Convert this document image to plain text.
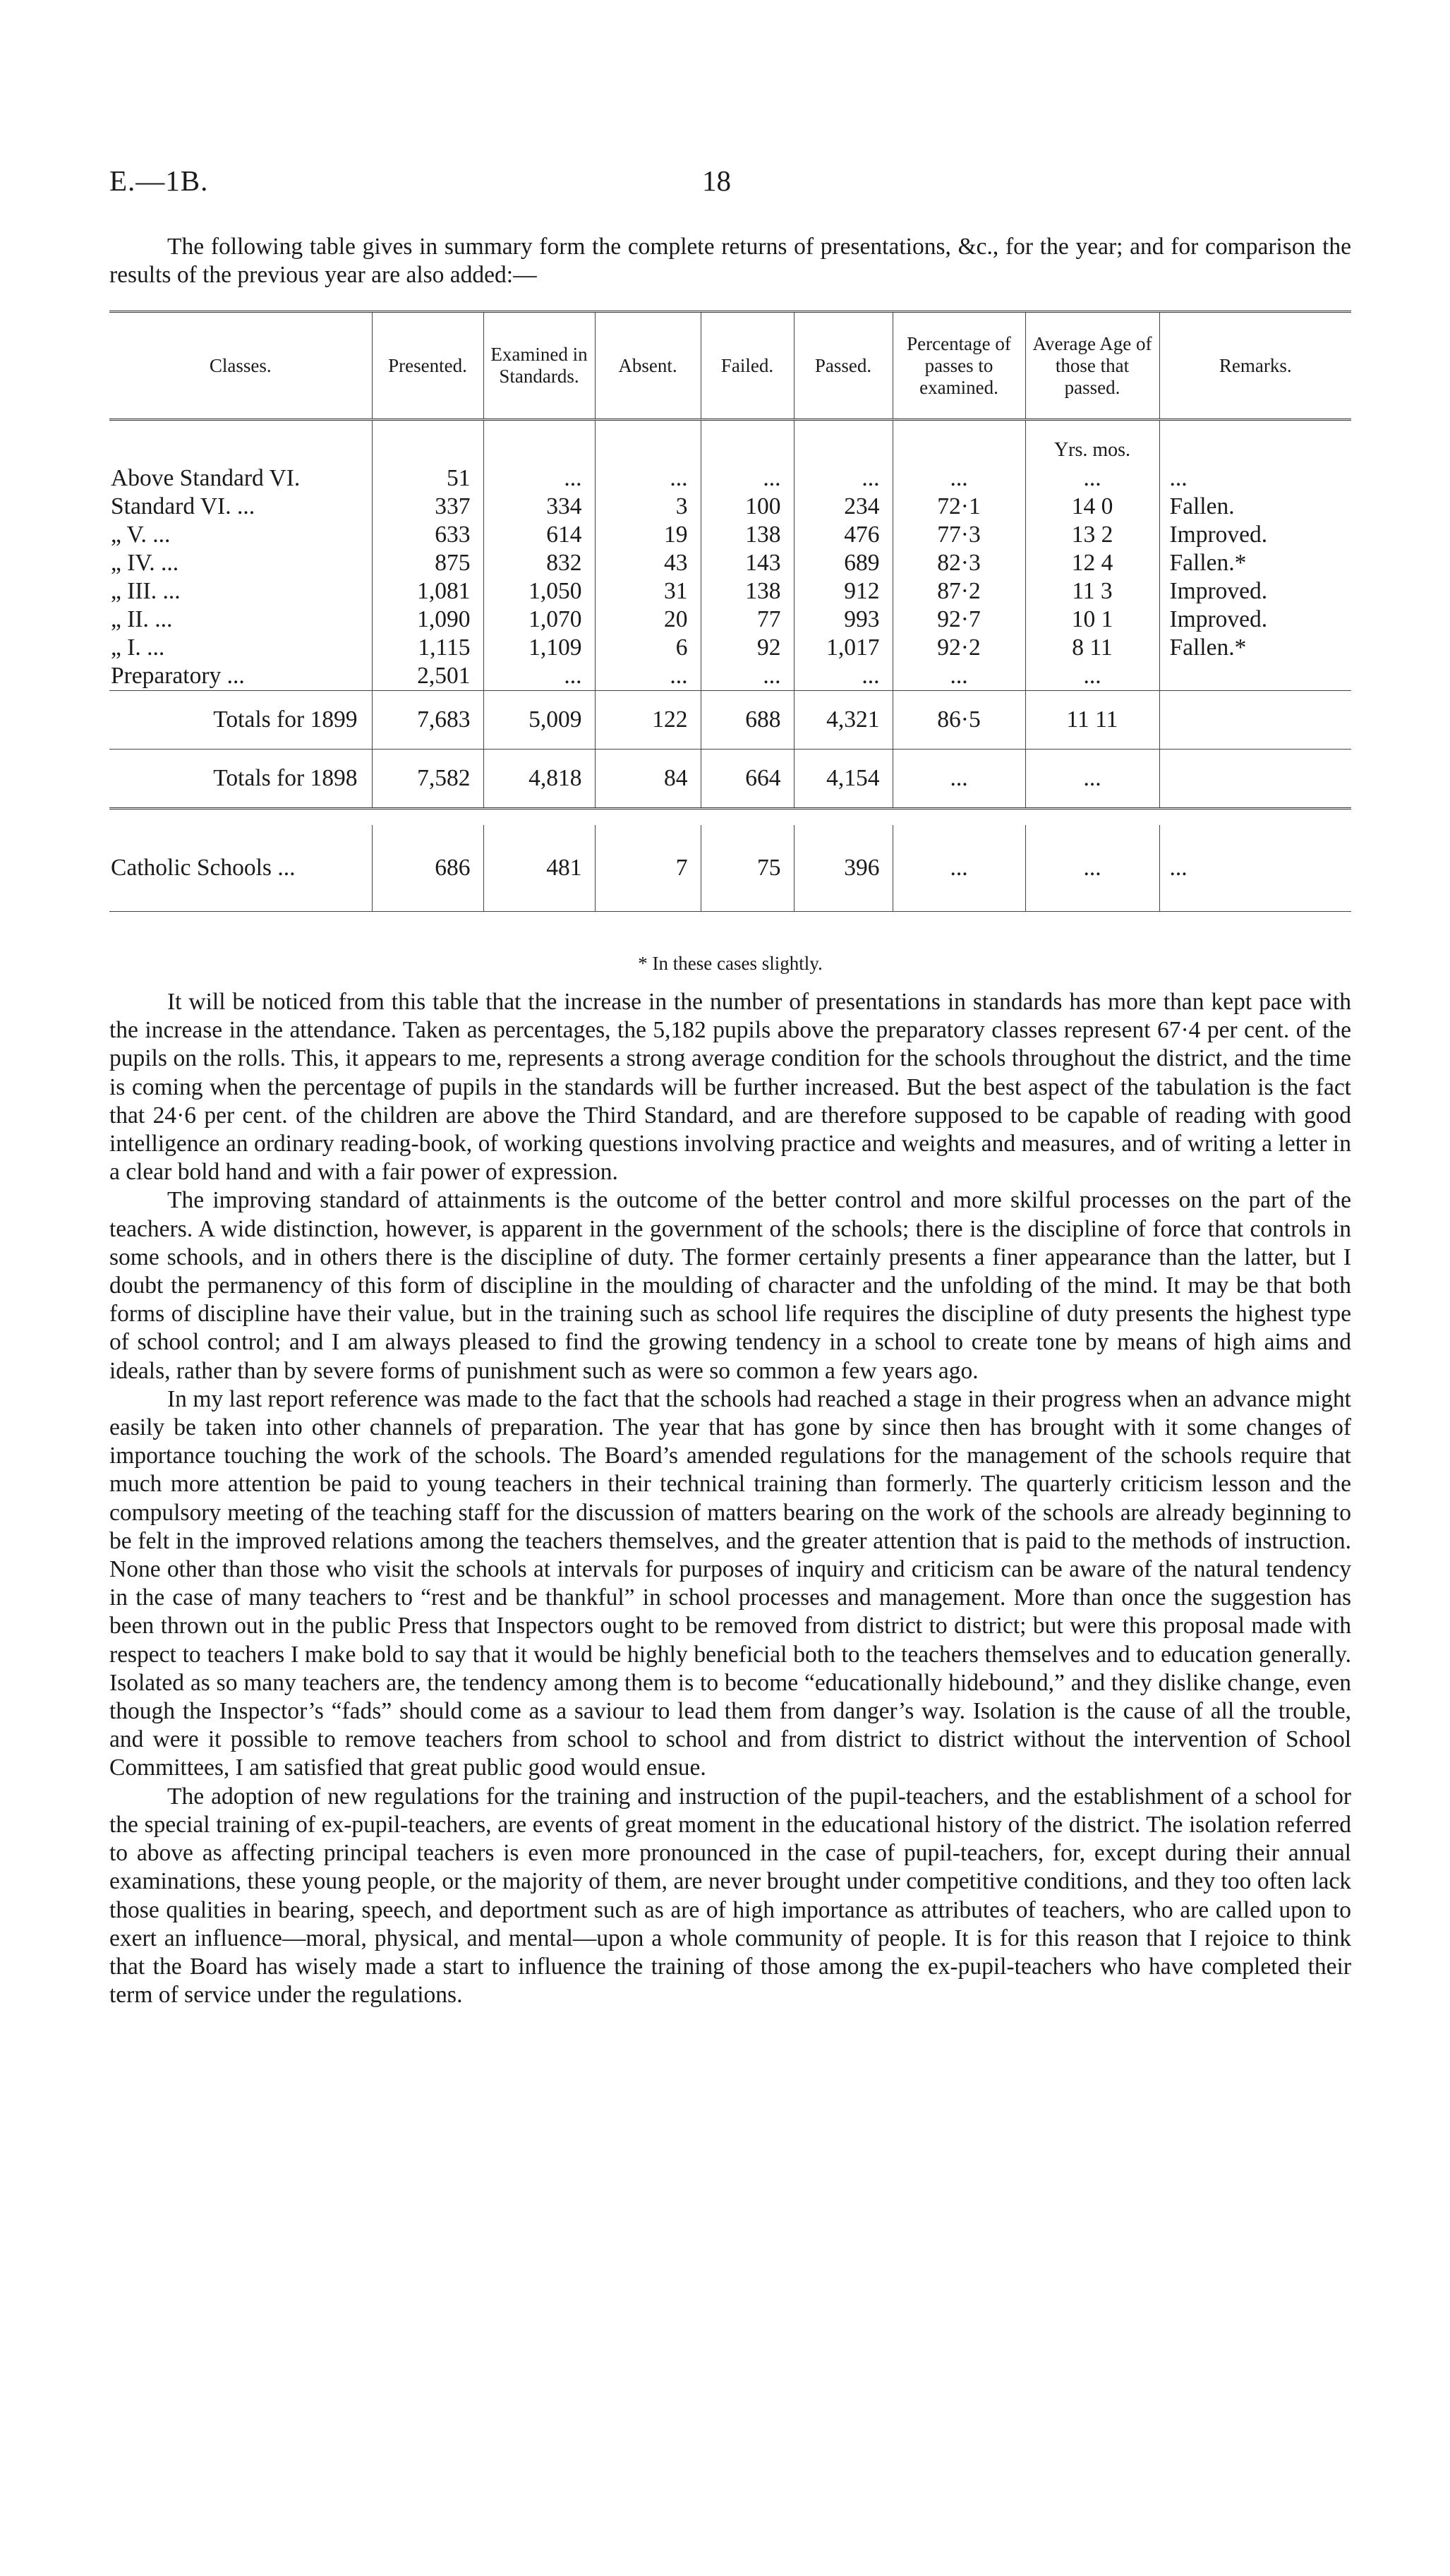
E.—1B.	18

The following table gives in summary form the complete returns of presentations, &c., for the year; and for comparison the results of the previous year are also added:—

Classes.	Presented.	Examined in Standards.	Absent.	Failed.	Passed.	Percentage of passes to examined.	Average Age of those that passed.	Remarks.
							Yrs. mos.	
Above Standard VI.	51	...	...	...	...	...	...	...
Standard VI. ...	337	334	3	100	234	72·1	14 0	Fallen.
„ V. ...	633	614	19	138	476	77·3	13 2	Improved.
„ IV. ...	875	832	43	143	689	82·3	12 4	Fallen.*
„ III. ...	1,081	1,050	31	138	912	87·2	11 3	Improved.
„ II. ...	1,090	1,070	20	77	993	92·7	10 1	Improved.
„ I. ...	1,115	1,109	6	92	1,017	92·2	8 11	Fallen.*
Preparatory ...	2,501	...	...	...	...	...	...	
Totals for 1899	7,683	5,009	122	688	4,321	86·5	11 11	
Totals for 1898	7,582	4,818	84	664	4,154	...	...	

Catholic Schools ...	686	481	7	75	396	...	...	...
* In these cases slightly.

It will be noticed from this table that the increase in the number of presentations in standards has more than kept pace with the increase in the attendance. Taken as percentages, the 5,182 pupils above the preparatory classes represent 67·4 per cent. of the pupils on the rolls. This, it appears to me, represents a strong average condition for the schools throughout the district, and the time is coming when the percentage of pupils in the standards will be further increased. But the best aspect of the tabulation is the fact that 24·6 per cent. of the children are above the Third Standard, and are therefore supposed to be capable of reading with good intelligence an ordinary reading-book, of working questions involving practice and weights and measures, and of writing a letter in a clear bold hand and with a fair power of expression.

The improving standard of attainments is the outcome of the better control and more skilful processes on the part of the teachers. A wide distinction, however, is apparent in the government of the schools; there is the discipline of force that controls in some schools, and in others there is the discipline of duty. The former certainly presents a finer appearance than the latter, but I doubt the permanency of this form of discipline in the moulding of character and the unfolding of the mind. It may be that both forms of discipline have their value, but in the training such as school life requires the discipline of duty presents the highest type of school control; and I am always pleased to find the growing tendency in a school to create tone by means of high aims and ideals, rather than by severe forms of punishment such as were so common a few years ago.

In my last report reference was made to the fact that the schools had reached a stage in their progress when an advance might easily be taken into other channels of preparation. The year that has gone by since then has brought with it some changes of importance touching the work of the schools. The Board’s amended regulations for the management of the schools require that much more attention be paid to young teachers in their technical training than formerly. The quarterly criticism lesson and the compulsory meeting of the teaching staff for the discussion of matters bearing on the work of the schools are already beginning to be felt in the improved relations among the teachers themselves, and the greater attention that is paid to the methods of instruction. None other than those who visit the schools at intervals for purposes of inquiry and criticism can be aware of the natural tendency in the case of many teachers to “rest and be thankful” in school processes and management. More than once the suggestion has been thrown out in the public Press that Inspectors ought to be removed from district to district; but were this proposal made with respect to teachers I make bold to say that it would be highly beneficial both to the teachers themselves and to education generally. Isolated as so many teachers are, the tendency among them is to become “educationally hidebound,” and they dislike change, even though the Inspector’s “fads” should come as a saviour to lead them from danger’s way. Isolation is the cause of all the trouble, and were it possible to remove teachers from school to school and from district to district without the intervention of School Committees, I am satisfied that great public good would ensue.

The adoption of new regulations for the training and instruction of the pupil-teachers, and the establishment of a school for the special training of ex-pupil-teachers, are events of great moment in the educational history of the district. The isolation referred to above as affecting principal teachers is even more pronounced in the case of pupil-teachers, for, except during their annual examinations, these young people, or the majority of them, are never brought under competitive conditions, and they too often lack those qualities in bearing, speech, and deportment such as are of high importance as attributes of teachers, who are called upon to exert an influence—moral, physical, and mental—upon a whole community of people. It is for this reason that I rejoice to think that the Board has wisely made a start to influence the training of those among the ex-pupil-teachers who have completed their term of service under the regulations.
